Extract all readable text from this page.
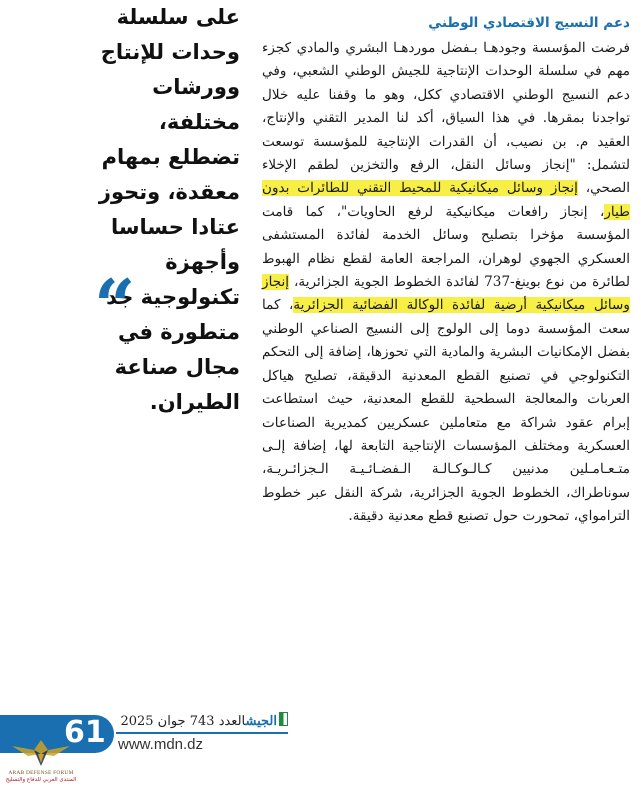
دعم النسيج الاقتصادي الوطني

فرضت المؤسسة وجودهـا بـفضل موردهـا البشري والمادي كجزء مهم في سلسلة الوحدات الإنتاجية للجيش الوطني الشعبي، وفي دعم النسيج الوطني الاقتصادي ككل، وهو ما وقفنا عليه خلال تواجدنا بمقرها. في هذا السياق، أكد لنا المدير التقني والإنتاج، العقيد م. بن نصيب، أن القدرات الإنتاجية للمؤسسة توسعت لتشمل: "إنجاز وسائل النقل، الرفع والتخزين لطقم الإخلاء الصحي، إنجاز وسائل ميكانيكية للمحيط التقني للطائرات بدون طيار، إنجاز رافعات ميكانيكية لرفع الحاويات"، كما قامت المؤسسة مؤخرا بتصليح وسائل الخدمة لفائدة المستشفى العسكري الجهوي لوهران، المراجعة العامة لقطع نظام الهبوط لطائرة من نوع بوينغ-737 لفائدة الخطوط الجوية الجزائرية، إنجاز وسائل ميكانيكية أرضية لفائدة الوكالة الفضائية الجزائرية، كما سعت المؤسسة دوما إلى الولوج إلى النسيج الصناعي الوطني بفضل الإمكانيات البشرية والمادية التي تحوزها، إضافة إلى التحكم التكنولوجي في تصنيع القطع المعدنية الدقيقة، تصليح هياكل العربات والمعالجة السطحية للقطع المعدنية، حيث استطاعت إبرام عقود شراكة مع متعاملين عسكريين كمديرية الصناعات العسكرية ومختلف المؤسسات الإنتاجية التابعة لها، إضافة إلـى متـعـامـلين مدنيين كـالـوكـالـة الـفضـائـيـة الـجزائـريـة، سوناطراك، الخطوط الجوية الجزائرية، شركة النقل عبر خطوط الترامواي، تمحورت حول تصنيع قطع معدنية دقيقة.

على سلسلة وحدات للإنتاج وورشات مختلفة، تضطلع بمهام معقدة، وتحوز عتادا حساسا وأجهزة تكنولوجية جد متطورة في مجال صناعة الطيران.

“
61	الجيشالعدد 743 جوان 2025
www.mdn.dz
ARAB DEFENSE FORUM
المنتدى العربي للدفاع والتسليح
